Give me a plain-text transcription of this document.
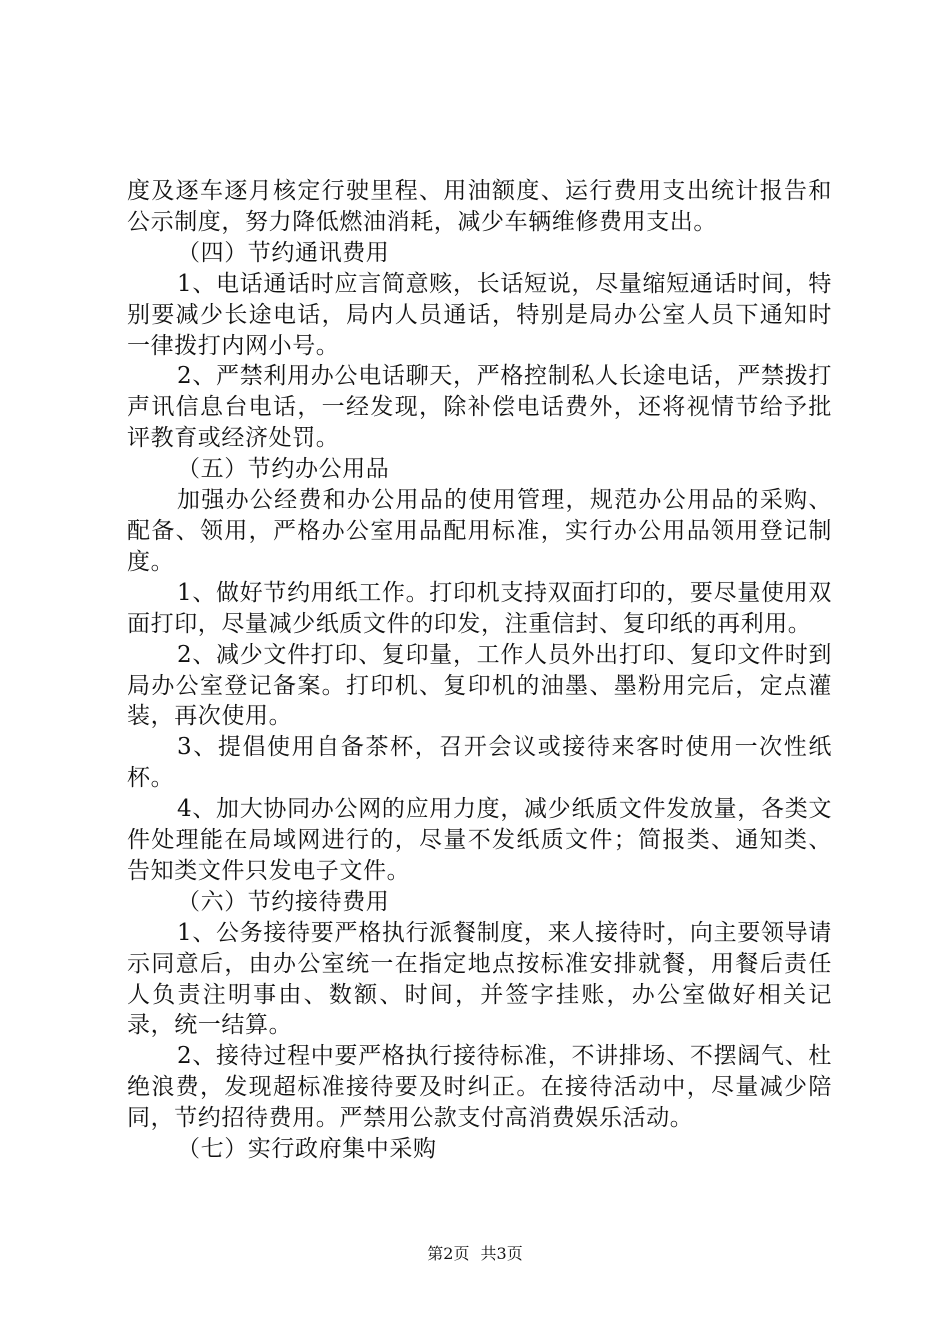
度及逐车逐月核定行驶里程、用油额度、运行费用支出统计报告和公示制度，努力降低燃油消耗，减少车辆维修费用支出。

（四）节约通讯费用

1、电话通话时应言简意赅，长话短说，尽量缩短通话时间，特别要减少长途电话，局内人员通话，特别是局办公室人员下通知时一律拨打内网小号。

2、严禁利用办公电话聊天，严格控制私人长途电话，严禁拨打声讯信息台电话，一经发现，除补偿电话费外，还将视情节给予批评教育或经济处罚。

（五）节约办公用品

加强办公经费和办公用品的使用管理，规范办公用品的采购、配备、领用，严格办公室用品配用标准，实行办公用品领用登记制度。

1、做好节约用纸工作。打印机支持双面打印的，要尽量使用双面打印，尽量减少纸质文件的印发，注重信封、复印纸的再利用。

2、减少文件打印、复印量，工作人员外出打印、复印文件时到局办公室登记备案。打印机、复印机的油墨、墨粉用完后，定点灌装，再次使用。

3、提倡使用自备茶杯，召开会议或接待来客时使用一次性纸杯。

4、加大协同办公网的应用力度，减少纸质文件发放量，各类文件处理能在局域网进行的，尽量不发纸质文件；简报类、通知类、告知类文件只发电子文件。

（六）节约接待费用

1、公务接待要严格执行派餐制度，来人接待时，向主要领导请示同意后，由办公室统一在指定地点按标准安排就餐，用餐后责任人负责注明事由、数额、时间，并签字挂账，办公室做好相关记录，统一结算。

2、接待过程中要严格执行接待标准，不讲排场、不摆阔气、杜绝浪费，发现超标准接待要及时纠正。在接待活动中，尽量减少陪同，节约招待费用。严禁用公款支付高消费娱乐活动。

（七）实行政府集中采购

第2页 共3页
